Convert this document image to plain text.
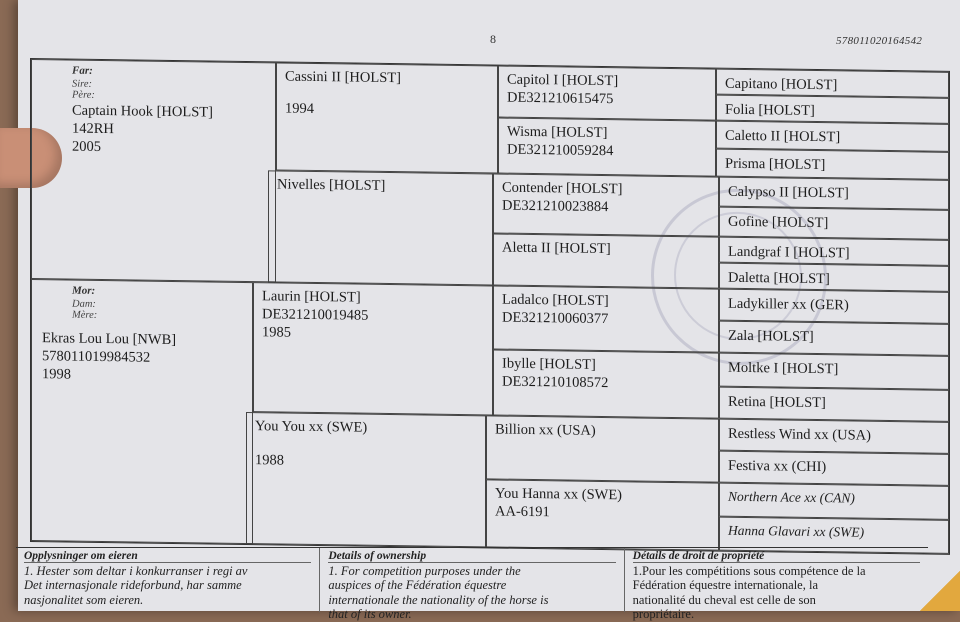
8	578011020164542
Far:
Sire:
Père:
Captain Hook [HOLST]
142RH
2005
Mor:
Dam:
Mère:
Ekras Lou Lou [NWB]
578011019984532
1998
Cassini II [HOLST]
1994
Nivelles [HOLST]
Laurin [HOLST]
DE321210019485
1985
You You xx (SWE)
1988
Capitol I [HOLST]
DE321210615475
Wisma [HOLST]
DE321210059284
Contender [HOLST]
DE321210023884
Aletta II [HOLST]
Ladalco [HOLST]
DE321210060377
Ibylle [HOLST]
DE321210108572
Billion xx (USA)
You Hanna xx (SWE)
AA-6191
Capitano [HOLST]
Folia [HOLST]
Caletto II [HOLST]
Prisma [HOLST]
Calypso II [HOLST]
Gofine [HOLST]
Landgraf I [HOLST]
Daletta [HOLST]
Ladykiller xx (GER)
Zala [HOLST]
Moltke I [HOLST]
Retina [HOLST]
Restless Wind xx (USA)
Festiva xx (CHI)
Northern Ace xx (CAN)
Hanna Glavari xx (SWE)
Opplysninger om eieren
1. Hester som deltar i konkurranser i regi av
Det internasjonale rideforbund, har samme
nasjonalitet som eieren.
Details of ownership
1. For competition purposes under the
auspices of the Fédération équestre
internationale the nationality of the horse is
that of its owner.
Détails de droit de propriété
1.Pour les compétitions sous compétence de la
Fédération équestre internationale, la
nationalité du cheval est celle de son
propriétaire.
